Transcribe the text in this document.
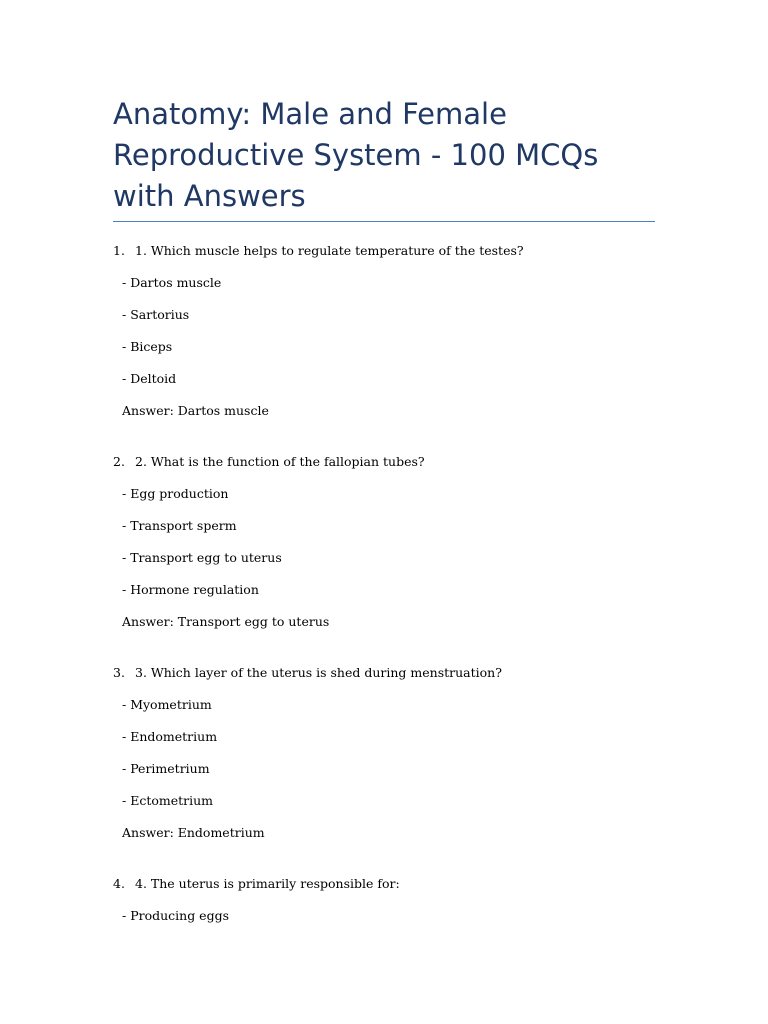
Anatomy: Male and Female Reproductive System - 100 MCQs with Answers
1. 1. Which muscle helps to regulate temperature of the testes?
- Dartos muscle
- Sartorius
- Biceps
- Deltoid
Answer: Dartos muscle
2. 2. What is the function of the fallopian tubes?
- Egg production
- Transport sperm
- Transport egg to uterus
- Hormone regulation
Answer: Transport egg to uterus
3. 3. Which layer of the uterus is shed during menstruation?
- Myometrium
- Endometrium
- Perimetrium
- Ectometrium
Answer: Endometrium
4. 4. The uterus is primarily responsible for:
- Producing eggs
